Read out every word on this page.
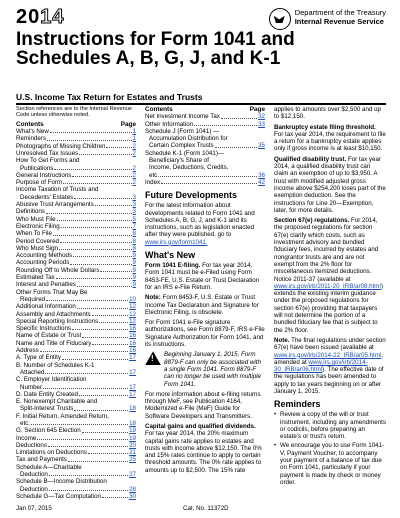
2014	Department of the Treasury
Internal Revenue Service
Instructions for Form 1041 and Schedules A, B, G, J, and K-1
U.S. Income Tax Return for Estates and Trusts
Section references are to the Internal Revenue Code unless otherwise noted.
Contents	Page
What's New	1
Reminders	1
Photographs of Missing Children	2
Unresolved Tax Issues	2
How To Get Forms and
Publications	2
General Instructions	2
Purpose of Form	2
Income Taxation of Trusts and
Decedents' Estates	3
Abusive Trust Arrangements	3
Definitions	3
Who Must File	5
Electronic Filing	7
When To File	8
Period Covered	8
Who Must Sign	8
Accounting Methods	9
Accounting Periods	9
Rounding Off to Whole Dollars	9
Estimated Tax	9
Interest and Penalties	9
Other Forms That May Be
Required	10
Additional Information	12
Assembly and Attachments	12
Special Reporting Instructions	12
Specific Instructions	16
Name of Estate or Trust	16
Name and Title of Fiduciary	16
Address	16
A. Type of Entity	17
B. Number of Schedules K-1
Attached	17
C. Employer Identification
Number	17
D. Date Entity Created	17
E. Nonexempt Charitable and
Split-Interest Trusts	18
F. Initial Return, Amended Return,
etc.	18
G. Section 645 Election	19
Income	19
Deductions	20
Limitations on Deductions	21
Tax and Payments	25
Schedule A—Charitable
Deduction	27
Schedule B—Income Distribution
Deduction	28
Schedule G—Tax Computation	30
Contents	Page
Net Investment Income Tax	32
Other Information	33
Schedule J (Form 1041) —
Accumulation Distribution for
Certain Complex Trusts	35
Schedule K-1 (Form 1041)—
Beneficiary's Share of
Income, Deductions, Credits,
etc.	36
Index	42
Future Developments

For the latest information about developments related to Form 1041 and Schedules A, B, G, J, and K-1 and its instructions, such as legislation enacted after they were published, go to www.irs.gov/form1041.

What's New

Form 1041 E-filing. For tax year 2014, Form 1041 must be e-Filed using Form 8453-FE, U.S. Estate or Trust Declaration for an IRS e-File Return.

Note: Form 8453-F, U.S. Estate or Trust Income Tax Declaration and Signature for Electronic Filing, is obsolete.

For Form 1041 e-File signature authorizations, see Form 8879-F, IRS e-File Signature Authorization for Form 1041, and its instructions.

!
Beginning January 1, 2015, Form 8879-F can only be associated with a single Form 1041. Form 8879-F can no longer be used with multiple Form 1041.

For more information about e-filing returns through MeF, see Publication 4164, Modernized e-File (MeF) Guide for Software Developers and Transmitters.

Capital gains and qualified dividends. For tax year 2014, the 20% maximum capital gains rate applies to estates and trusts with income above $12,150. The 0% and 15% rates continue to apply to certain threshold amounts. The 0% rate applies to amounts up to $2,500. The 15% rate

applies to amounts over $2,500 and up to $12,150.

Bankruptcy estate filing threshold. For tax year 2014, the requirement to file a return for a bankruptcy estate applies only if gross income is at least $10,150.

Qualified disability trust. For tax year 2014, a qualified disability trust can claim an exemption of up to $3,950. A trust with modified adjusted gross income above $254,200 loses part of the exemption deduction. See the instructions for Line 20—Exemption, later, for more details.

Section 67(e) regulations. For 2014, the proposed regulations for section 67(e) clarify which costs, such as investment advisory and bundled fiduciary fees, incurred by estates and nongrantor trusts are and are not exempt from the 2% floor for miscellaneous itemized deductions. Notice 2011-37 (available at www.irs.gov/irb/2011-20_IRB/ar08.html) extends the existing interim guidance under the proposed regulations for section 67(e) providing that taxpayers will not determine the portion of a bundled fiduciary fee that is subject to the 2% floor.

Note. The final regulations under section 67(e) have been issued (available at www.irs.gov/irb/2014-22_IRB/ar05.html, amended at www.irs.gov/irb/2014-30_IRB/ar06.html). The effective date of the regulations has been amended to apply to tax years beginning on or after January 1, 2015.

Reminders
• Review a copy of the will or trust instrument, including any amendments or codicils, before preparing an estate's or trust's return.
• We encourage you to use Form 1041-V, Payment Voucher, to accompany your payment of a balance of tax due on Form 1041, particularly if your payment is made by check or money order.
Jan 07, 2015	Cat. No. 11372D
